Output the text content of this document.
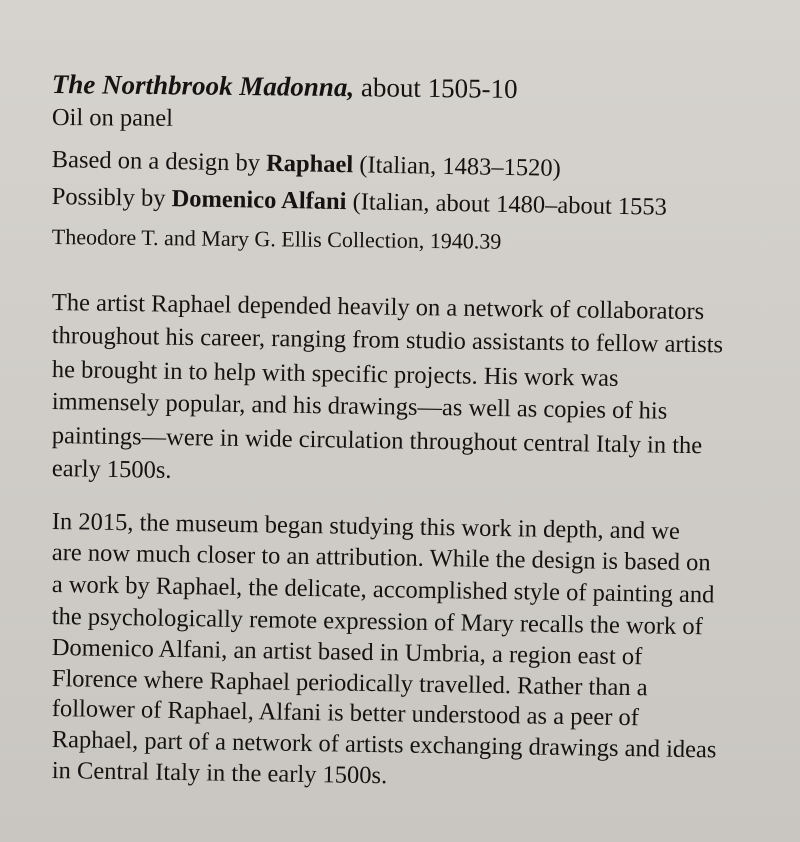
The Northbrook Madonna, about 1505-10
Oil on panel
Based on a design by Raphael (Italian, 1483–1520)
Possibly by Domenico Alfani (Italian, about 1480–about 1553
Theodore T. and Mary G. Ellis Collection, 1940.39
The artist Raphael depended heavily on a network of collaborators
throughout his career, ranging from studio assistants to fellow artists
he brought in to help with specific projects. His work was
immensely popular, and his drawings—as well as copies of his
paintings—were in wide circulation throughout central Italy in the
early 1500s.
In 2015, the museum began studying this work in depth, and we
are now much closer to an attribution. While the design is based on
a work by Raphael, the delicate, accomplished style of painting and
the psychologically remote expression of Mary recalls the work of
Domenico Alfani, an artist based in Umbria, a region east of
Florence where Raphael periodically travelled. Rather than a
follower of Raphael, Alfani is better understood as a peer of
Raphael, part of a network of artists exchanging drawings and ideas
in Central Italy in the early 1500s.
